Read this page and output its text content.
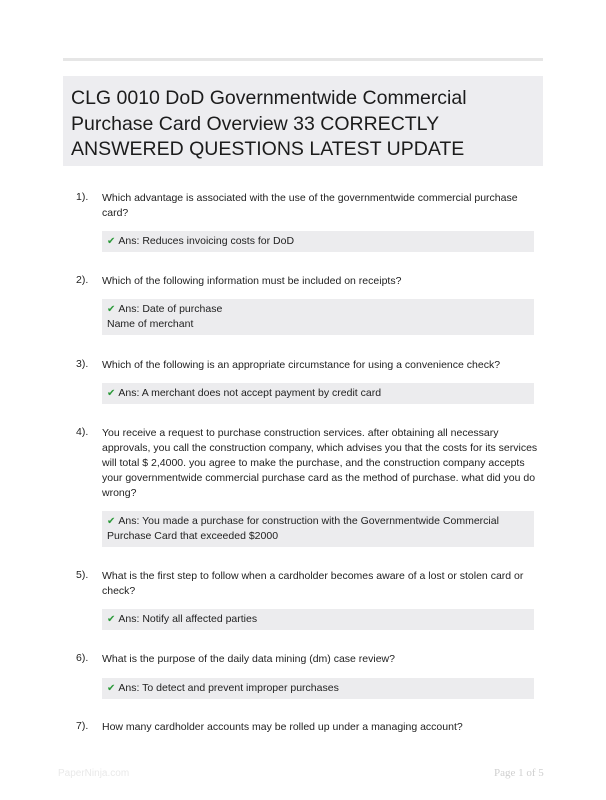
CLG 0010 DoD Governmentwide Commercial Purchase Card Overview 33 CORRECTLY ANSWERED QUESTIONS LATEST UPDATE
1). Which advantage is associated with the use of the governmentwide commercial purchase card?
✔ Ans: Reduces invoicing costs for DoD
2). Which of the following information must be included on receipts?
✔ Ans: Date of purchase
Name of merchant
3). Which of the following is an appropriate circumstance for using a convenience check?
✔ Ans: A merchant does not accept payment by credit card
4). You receive a request to purchase construction services. after obtaining all necessary approvals, you call the construction company, which advises you that the costs for its services will total $ 2,4000. you agree to make the purchase, and the construction company accepts your governmentwide commercial purchase card as the method of purchase. what did you do wrong?
✔ Ans: You made a purchase for construction with the Governmentwide Commercial
Purchase Card that exceeded $2000
5). What is the first step to follow when a cardholder becomes aware of a lost or stolen card or check?
✔ Ans: Notify all affected parties
6). What is the purpose of the daily data mining (dm) case review?
✔ Ans: To detect and prevent improper purchases
7). How many cardholder accounts may be rolled up under a managing account?
PaperNinja.com	Page 1 of 5
